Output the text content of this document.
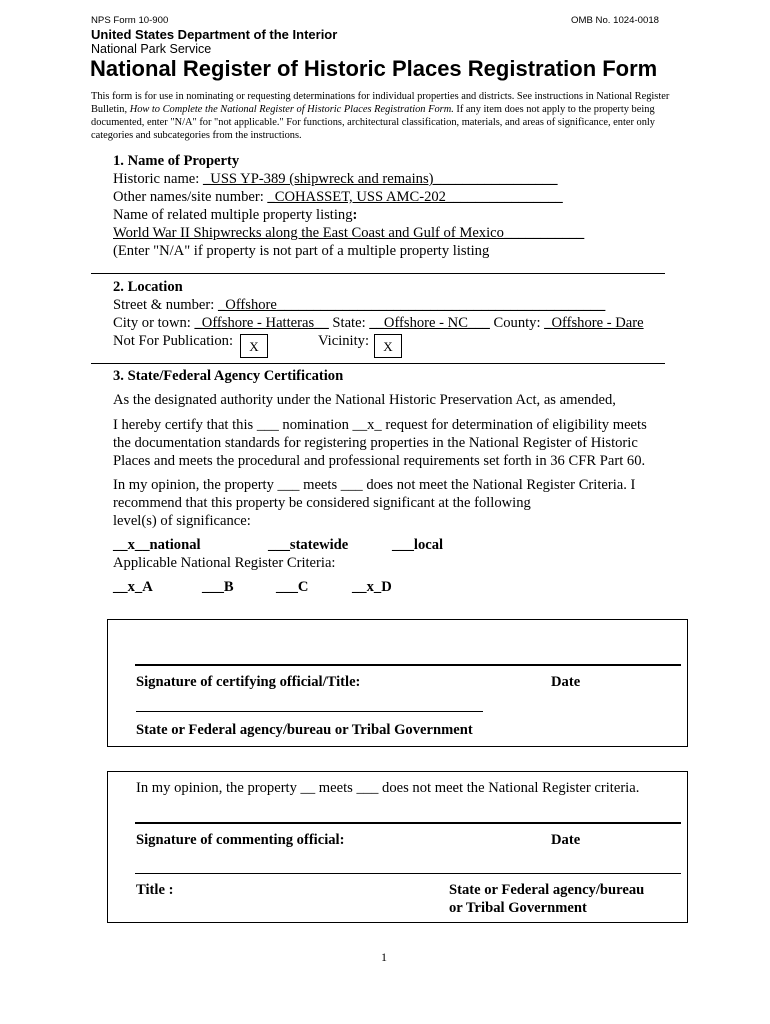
NPS Form 10-900	OMB No. 1024-0018
United States Department of the Interior
National Park Service
National Register of Historic Places Registration Form
This form is for use in nominating or requesting determinations for individual properties and districts. See instructions in National Register
Bulletin, How to Complete the National Register of Historic Places Registration Form. If any item does not apply to the property being
documented, enter "N/A" for "not applicable." For functions, architectural classification, materials, and areas of significance, enter only
categories and subcategories from the instructions.
1. Name of Property
Historic name: _USS YP-389 (shipwreck and remains)_________________
Other names/site number: _COHASSET, USS AMC-202________________
Name of related multiple property listing:
World War II Shipwrecks along the East Coast and Gulf of Mexico___________
(Enter "N/A" if property is not part of a multiple property listing
2. Location
Street & number: _Offshore_____________________________________________
City or town: _Offshore - Hatteras__ State: __Offshore - NC___ County: _Offshore - Dare
Not For Publication:	X	Vicinity:	X
3. State/Federal Agency Certification
As the designated authority under the National Historic Preservation Act, as amended,
I hereby certify that this ___ nomination __x_ request for determination of eligibility meets
the documentation standards for registering properties in the National Register of Historic
Places and meets the procedural and professional requirements set forth in 36 CFR Part 60.
In my opinion, the property ___ meets ___ does not meet the National Register Criteria. I
recommend that this property be considered significant at the following
level(s) of significance:
__x__national	___statewide	___local
Applicable National Register Criteria:
__x_A	___B	___C	__x_D
Signature of certifying official/Title:	Date
State or Federal agency/bureau or Tribal Government
In my opinion, the property __ meets ___ does not meet the National Register criteria.
Signature of commenting official:	Date
Title :	State or Federal agency/bureau
or Tribal Government
1
